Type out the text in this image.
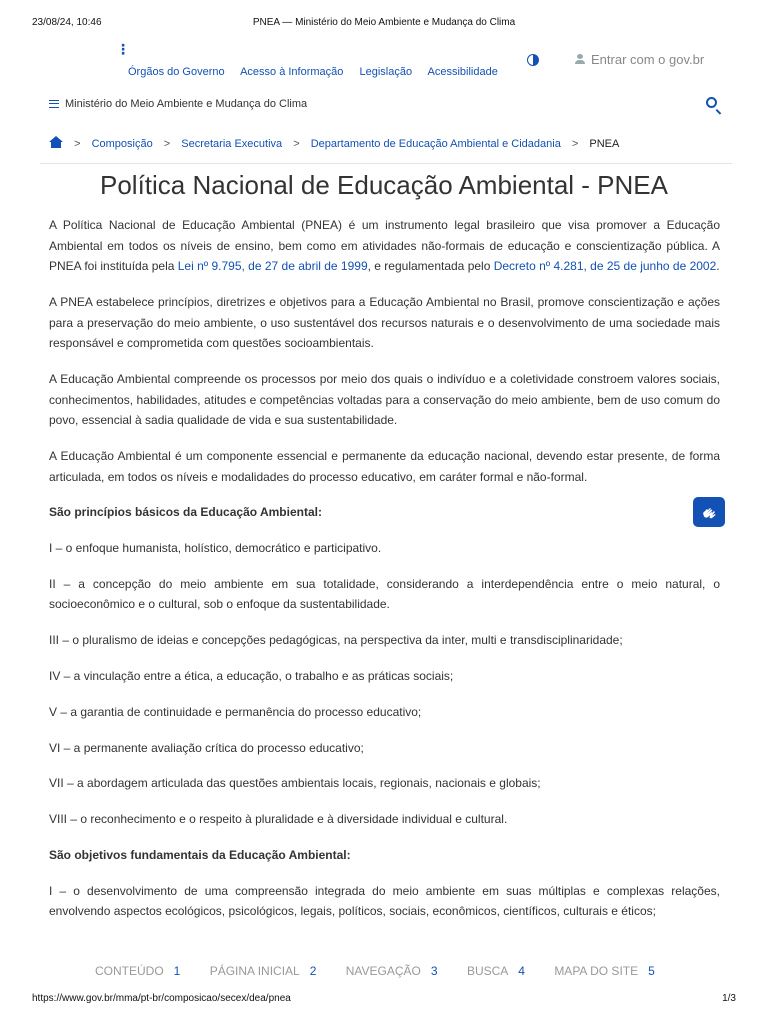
23/08/24, 10:46	PNEA — Ministério do Meio Ambiente e Mudança do Clima
⋮
Órgãos do Governo Acesso à Informação Legislação Acessibilidade
Entrar com o gov.br
Ministério do Meio Ambiente e Mudança do Clima
> Composição > Secretaria Executiva > Departamento de Educação Ambiental e Cidadania > PNEA
Política Nacional de Educação Ambiental - PNEA

A Política Nacional de Educação Ambiental (PNEA) é um instrumento legal brasileiro que visa promover a Educação Ambiental em todos os níveis de ensino, bem como em atividades não-formais de educação e conscientização pública. A PNEA foi instituída pela Lei nº 9.795, de 27 de abril de 1999, e regulamentada pelo Decreto nº 4.281, de 25 de junho de 2002.

A PNEA estabelece princípios, diretrizes e objetivos para a Educação Ambiental no Brasil, promove conscientização e ações para a preservação do meio ambiente, o uso sustentável dos recursos naturais e o desenvolvimento de uma sociedade mais responsável e comprometida com questões socioambientais.

A Educação Ambiental compreende os processos por meio dos quais o indivíduo e a coletividade constroem valores sociais, conhecimentos, habilidades, atitudes e competências voltadas para a conservação do meio ambiente, bem de uso comum do povo, essencial à sadia qualidade de vida e sua sustentabilidade.

A Educação Ambiental é um componente essencial e permanente da educação nacional, devendo estar presente, de forma articulada, em todos os níveis e modalidades do processo educativo, em caráter formal e não-formal.

São princípios básicos da Educação Ambiental:

I – o enfoque humanista, holístico, democrático e participativo.

II – a concepção do meio ambiente em sua totalidade, considerando a interdependência entre o meio natural, o socioeconômico e o cultural, sob o enfoque da sustentabilidade.

III – o pluralismo de ideias e concepções pedagógicas, na perspectiva da inter, multi e transdisciplinaridade;

IV – a vinculação entre a ética, a educação, o trabalho e as práticas sociais;

V – a garantia de continuidade e permanência do processo educativo;

VI – a permanente avaliação crítica do processo educativo;

VII – a abordagem articulada das questões ambientais locais, regionais, nacionais e globais;

VIII – o reconhecimento e o respeito à pluralidade e à diversidade individual e cultural.

São objetivos fundamentais da Educação Ambiental:

I – o desenvolvimento de uma compreensão integrada do meio ambiente em suas múltiplas e complexas relações, envolvendo aspectos ecológicos, psicológicos, legais, políticos, sociais, econômicos, científicos, culturais e éticos;

CONTEÚDO 1 PÁGINA INICIAL 2 NAVEGAÇÃO 3 BUSCA 4 MAPA DO SITE 5
https://www.gov.br/mma/pt-br/composicao/secex/dea/pnea	1/3
